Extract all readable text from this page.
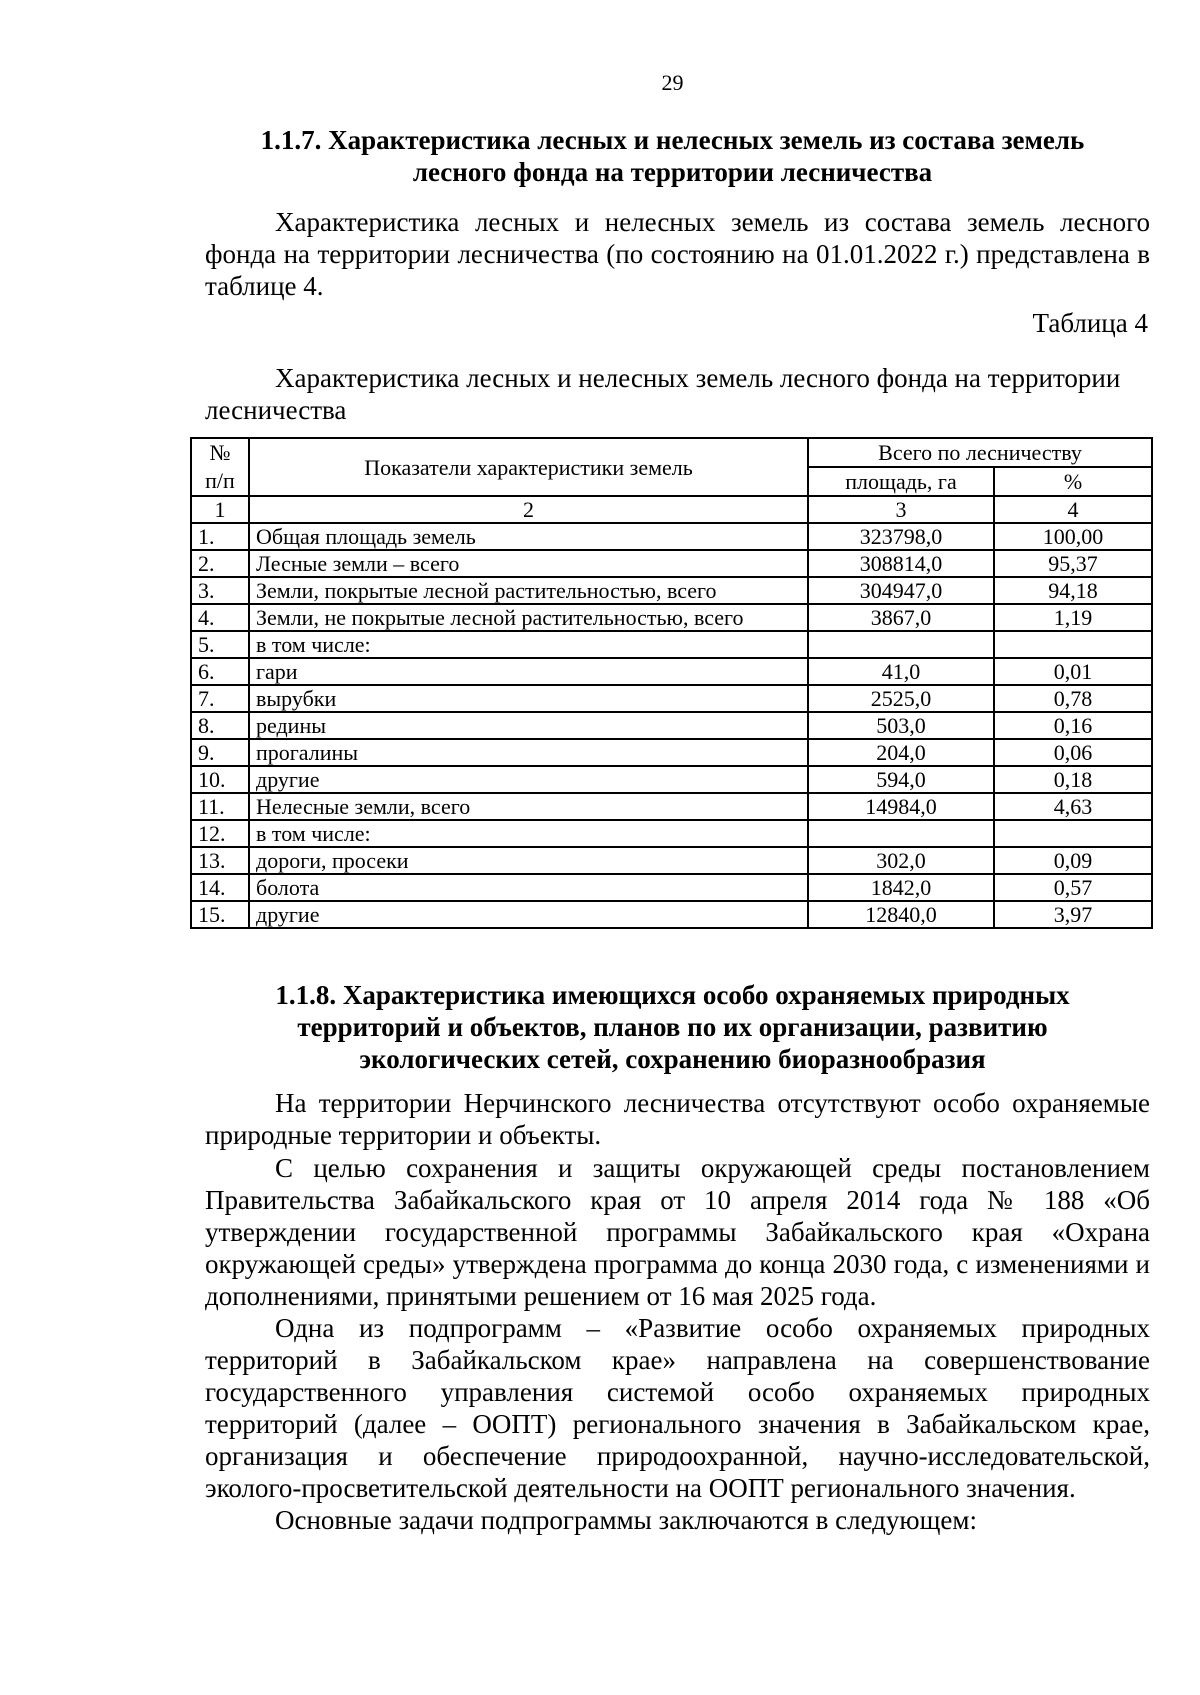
29
1.1.7. Характеристика лесных и нелесных земель из состава земель
лесного фонда на территории лесничества
Характеристика лесных и нелесных земель из состава земель лесного фонда на территории лесничества (по состоянию на 01.01.2022 г.) представлена в таблице 4.
Таблица 4
Характеристика лесных и нелесных земель лесного фонда на территории лесничества
№
п/п	Показатели характеристики земель	Всего по лесничеству	
		площадь, га	%
1	2	3	4
1.	Общая площадь земель	323798,0	100,00
2.	Лесные земли – всего	308814,0	95,37
3.	Земли, покрытые лесной растительностью, всего	304947,0	94,18
4.	Земли, не покрытые лесной растительностью, всего	3867,0	1,19
5.	в том числе:		
6.	гари	41,0	0,01
7.	вырубки	2525,0	0,78
8.	редины	503,0	0,16
9.	прогалины	204,0	0,06
10.	другие	594,0	0,18
11.	Нелесные земли, всего	14984,0	4,63
12.	в том числе:		
13.	дороги, просеки	302,0	0,09
14.	болота	1842,0	0,57
15.	другие	12840,0	3,97
1.1.8. Характеристика имеющихся особо охраняемых природных
территорий и объектов, планов по их организации, развитию
экологических сетей, сохранению биоразнообразия
На территории Нерчинского лесничества отсутствуют особо охраняемые природные территории и объекты.
С целью сохранения и защиты окружающей среды постановлением Правительства Забайкальского края от 10 апреля 2014 года № 188 «Об утверждении государственной программы Забайкальского края «Охрана окружающей среды» утверждена программа до конца 2030 года, с изменениями и дополнениями, принятыми решением от 16 мая 2025 года.
Одна из подпрограмм – «Развитие особо охраняемых природных территорий в Забайкальском крае» направлена на совершенствование государственного управления системой особо охраняемых природных территорий (далее – ООПТ) регионального значения в Забайкальском крае, организация и обеспечение природоохранной, научно-исследовательской, эколого-просветительской деятельности на ООПТ регионального значения.
Основные задачи подпрограммы заключаются в следующем:
